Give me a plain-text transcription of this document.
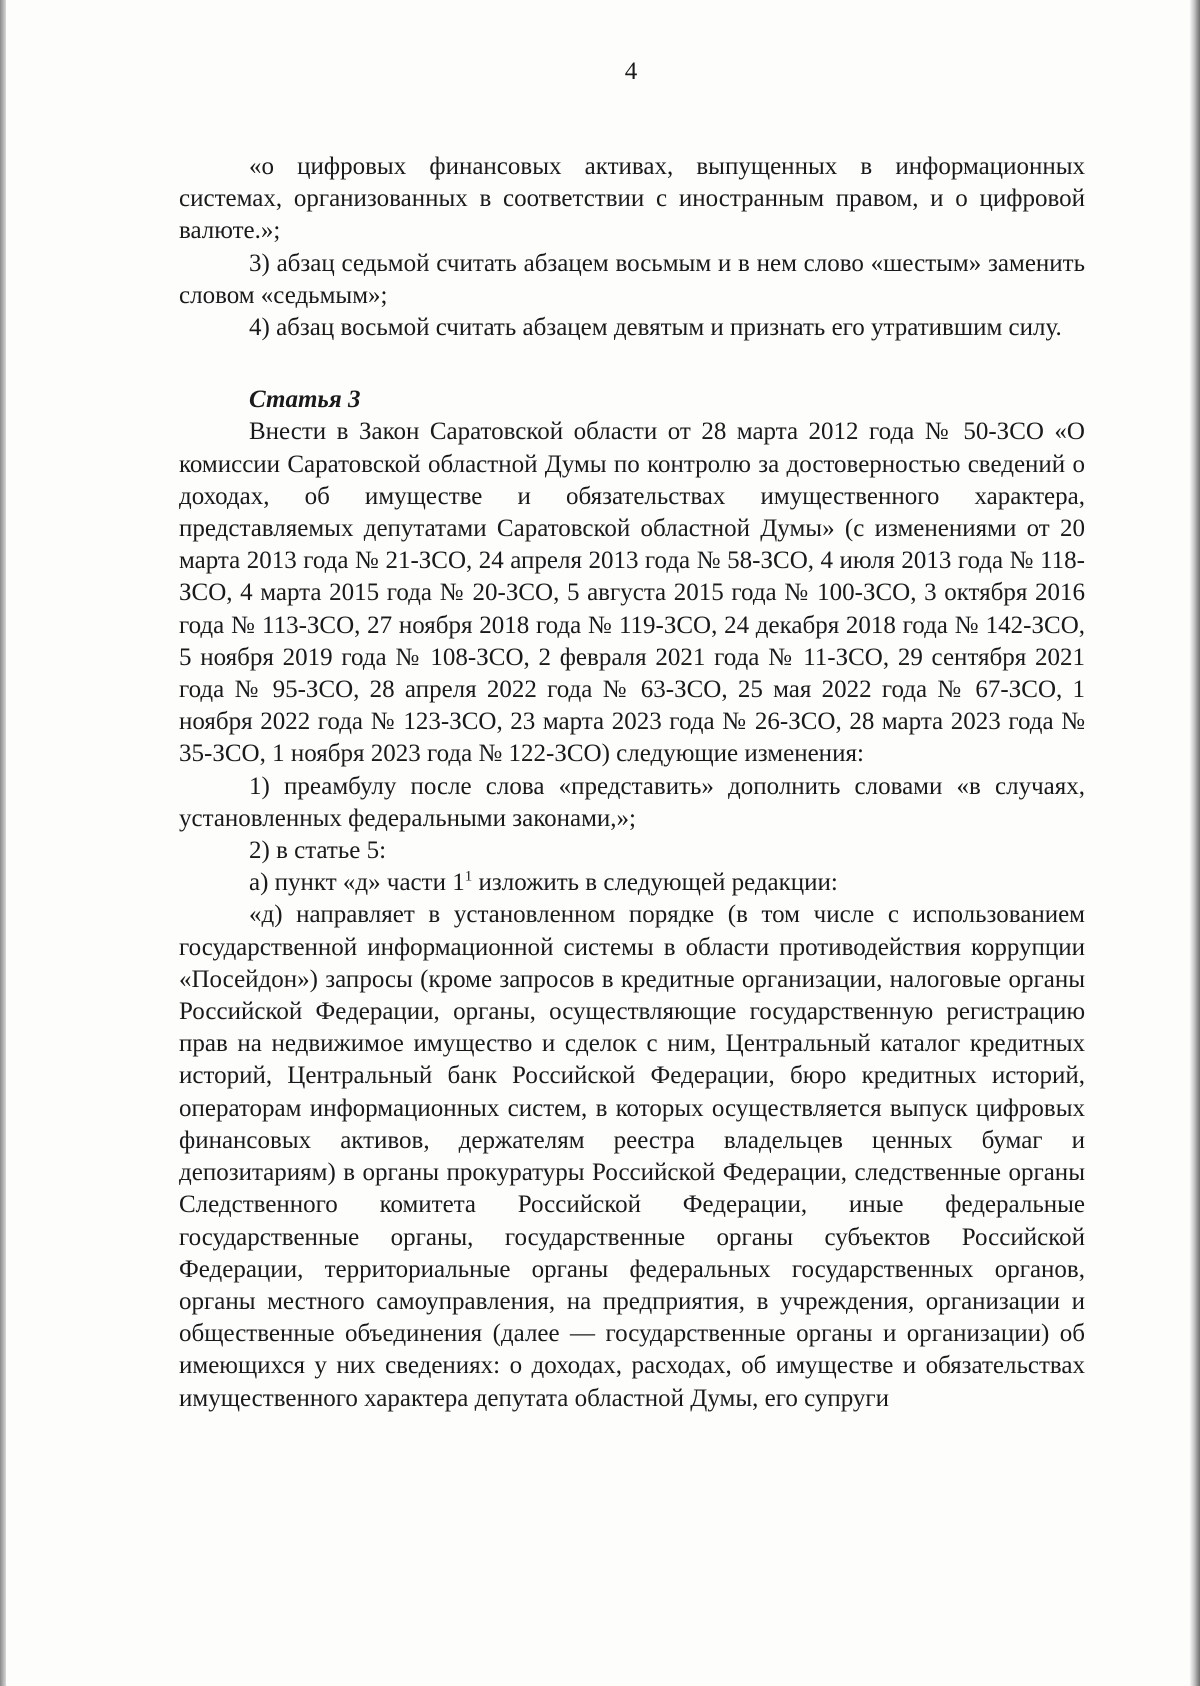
4

«о цифровых финансовых активах, выпущенных в информационных системах, организованных в соответствии с иностранным правом, и о цифровой валюте.»;

3) абзац седьмой считать абзацем восьмым и в нем слово «шестым» заменить словом «седьмым»;

4) абзац восьмой считать абзацем девятым и признать его утратившим силу.

Статья 3

Внести в Закон Саратовской области от 28 марта 2012 года № 50-ЗСО «О комиссии Саратовской областной Думы по контролю за достоверностью сведений о доходах, об имуществе и обязательствах имущественного характера, представляемых депутатами Саратовской областной Думы» (с изменениями от 20 марта 2013 года № 21-ЗСО, 24 апреля 2013 года № 58-ЗСО, 4 июля 2013 года № 118-ЗСО, 4 марта 2015 года № 20-ЗСО, 5 августа 2015 года № 100-ЗСО, 3 октября 2016 года № 113-ЗСО, 27 ноября 2018 года № 119-ЗСО, 24 декабря 2018 года № 142-ЗСО, 5 ноября 2019 года № 108-ЗСО, 2 февраля 2021 года № 11-ЗСО, 29 сентября 2021 года № 95-ЗСО, 28 апреля 2022 года № 63-ЗСО, 25 мая 2022 года № 67-ЗСО, 1 ноября 2022 года № 123-ЗСО, 23 марта 2023 года № 26-ЗСО, 28 марта 2023 года № 35-ЗСО, 1 ноября 2023 года № 122-ЗСО) следующие изменения:

1) преамбулу после слова «представить» дополнить словами «в случаях, установленных федеральными законами,»;

2) в статье 5:

а) пункт «д» части $1^1$ изложить в следующей редакции:

«д) направляет в установленном порядке (в том числе с использованием государственной информационной системы в области противодействия коррупции «Посейдон») запросы (кроме запросов в кредитные организации, налоговые органы Российской Федерации, органы, осуществляющие государственную регистрацию прав на недвижимое имущество и сделок с ним, Центральный каталог кредитных историй, Центральный банк Российской Федерации, бюро кредитных историй, операторам информационных систем, в которых осуществляется выпуск цифровых финансовых активов, держателям реестра владельцев ценных бумаг и депозитариям) в органы прокуратуры Российской Федерации, следственные органы Следственного комитета Российской Федерации, иные федеральные государственные органы, государственные органы субъектов Российской Федерации, территориальные органы федеральных государственных органов, органы местного самоуправления, на предприятия, в учреждения, организации и общественные объединения (далее — государственные органы и организации) об имеющихся у них сведениях: о доходах, расходах, об имуществе и обязательствах имущественного характера депутата областной Думы, его супруги
